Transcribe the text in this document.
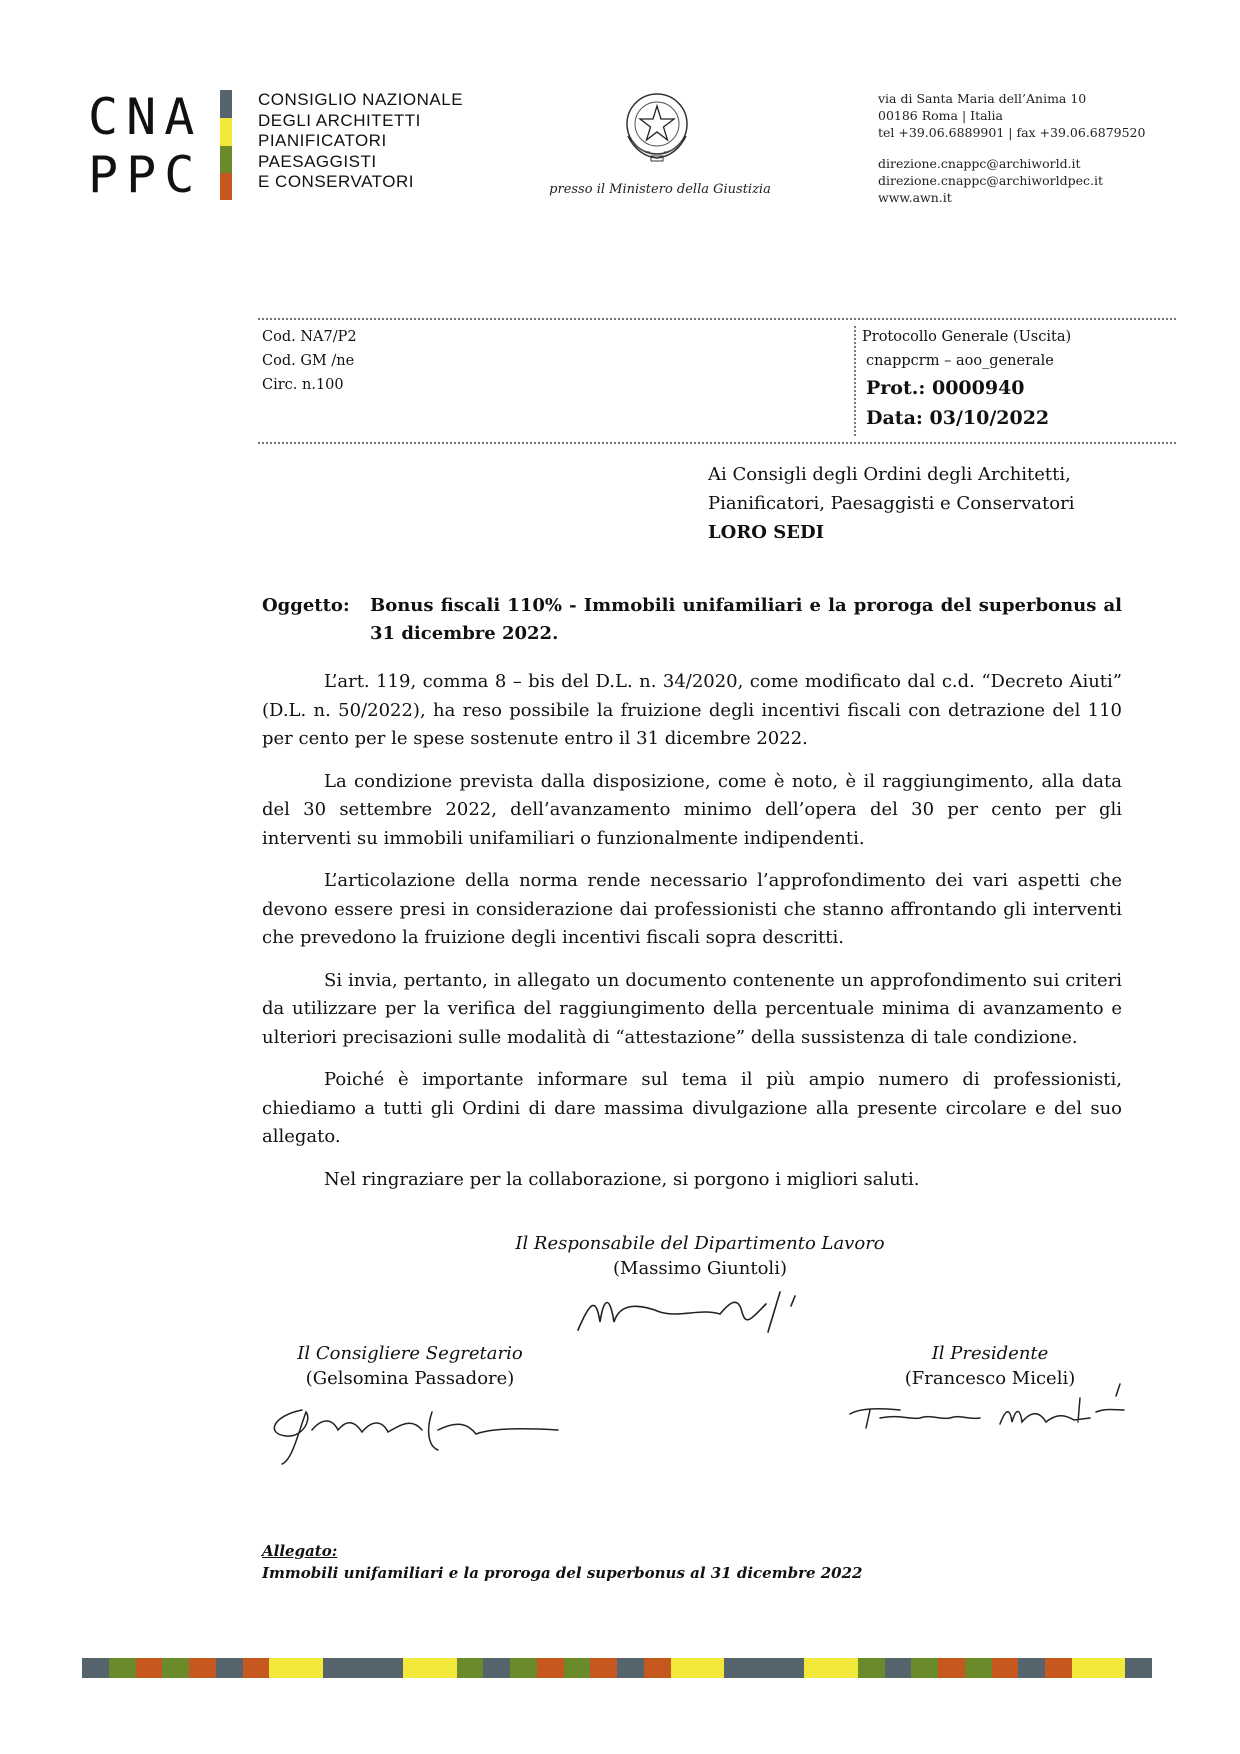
CNA
PPC
CONSIGLIO NAZIONALE
DEGLI ARCHITETTI
PIANIFICATORI
PAESAGGISTI
E CONSERVATORI	presso il Ministero della Giustizia
via di Santa Maria dell’Anima 10
00186 Roma | Italia
tel +39.06.6889901 | fax +39.06.6879520
direzione.cnappc@archiworld.it
direzione.cnappc@archiworldpec.it
www.awn.it
Cod. NA7/P2
Cod. GM /ne
Circ. n.100
Protocollo Generale (Uscita)
cnappcrm – aoo_generale
Prot.: 0000940
Data: 03/10/2022
Ai Consigli degli Ordini degli Architetti,
Pianificatori, Paesaggisti e Conservatori
LORO SEDI
Oggetto: Bonus fiscali 110% - Immobili unifamiliari e la proroga del superbonus al 31 dicembre 2022.

L’art. 119, comma 8 – bis del D.L. n. 34/2020, come modificato dal c.d. “Decreto Aiuti” (D.L. n. 50/2022), ha reso possibile la fruizione degli incentivi fiscali con detrazione del 110 per cento per le spese sostenute entro il 31 dicembre 2022.

La condizione prevista dalla disposizione, come è noto, è il raggiungimento, alla data del 30 settembre 2022, dell’avanzamento minimo dell’opera del 30 per cento per gli interventi su immobili unifamiliari o funzionalmente indipendenti.

L’articolazione della norma rende necessario l’approfondimento dei vari aspetti che devono essere presi in considerazione dai professionisti che stanno affrontando gli interventi che prevedono la fruizione degli incentivi fiscali sopra descritti.

Si invia, pertanto, in allegato un documento contenente un approfondimento sui criteri da utilizzare per la verifica del raggiungimento della percentuale minima di avanzamento e ulteriori precisazioni sulle modalità di “attestazione” della sussistenza di tale condizione.

Poiché è importante informare sul tema il più ampio numero di professionisti, chiediamo a tutti gli Ordini di dare massima divulgazione alla presente circolare e del suo allegato.

Nel ringraziare per la collaborazione, si porgono i migliori saluti.

Il Responsabile del Dipartimento Lavoro
(Massimo Giuntoli)
Il Consigliere Segretario
(Gelsomina Passadore)
Il Presidente
(Francesco Miceli)
Allegato:
Immobili unifamiliari e la proroga del superbonus al 31 dicembre 2022
